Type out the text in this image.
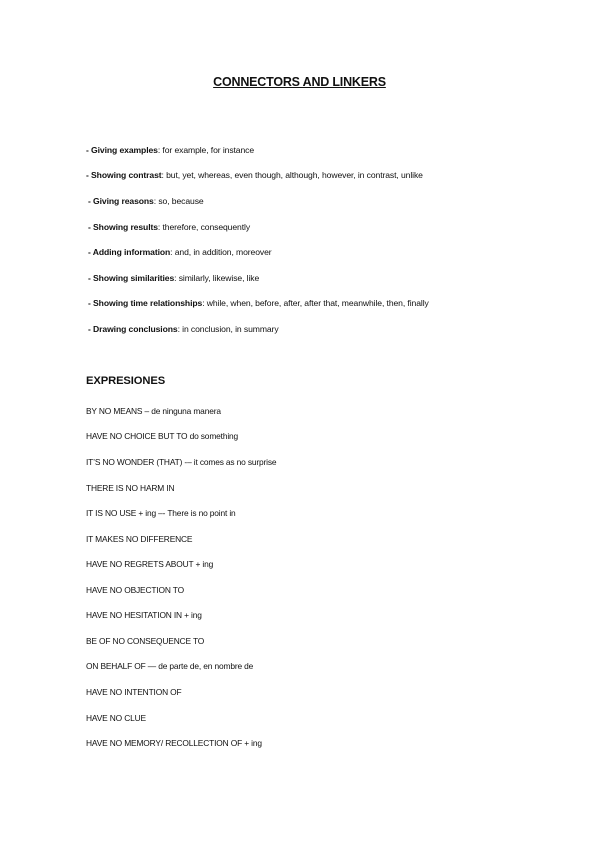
CONNECTORS AND LINKERS
- Giving examples: for example, for instance
- Showing contrast: but, yet, whereas, even though, although, however, in contrast, unlike
- Giving reasons: so, because
- Showing results: therefore, consequently
- Adding information: and, in addition, moreover
- Showing similarities: similarly, likewise, like
- Showing time relationships: while, when, before, after, after that, meanwhile, then, finally
- Drawing conclusions: in conclusion, in summary
EXPRESIONES
BY NO MEANS – de ninguna manera
HAVE NO CHOICE BUT TO do something
IT’S NO WONDER (THAT) -– it comes as no surprise
THERE IS NO HARM IN
IT IS NO USE + ing –- There is no point in
IT MAKES NO DIFFERENCE
HAVE NO REGRETS ABOUT + ing
HAVE NO OBJECTION TO
HAVE NO HESITATION IN + ing
BE OF NO CONSEQUENCE TO
ON BEHALF OF — de parte de, en nombre de
HAVE NO INTENTION OF
HAVE NO CLUE
HAVE NO MEMORY/ RECOLLECTION OF + ing
